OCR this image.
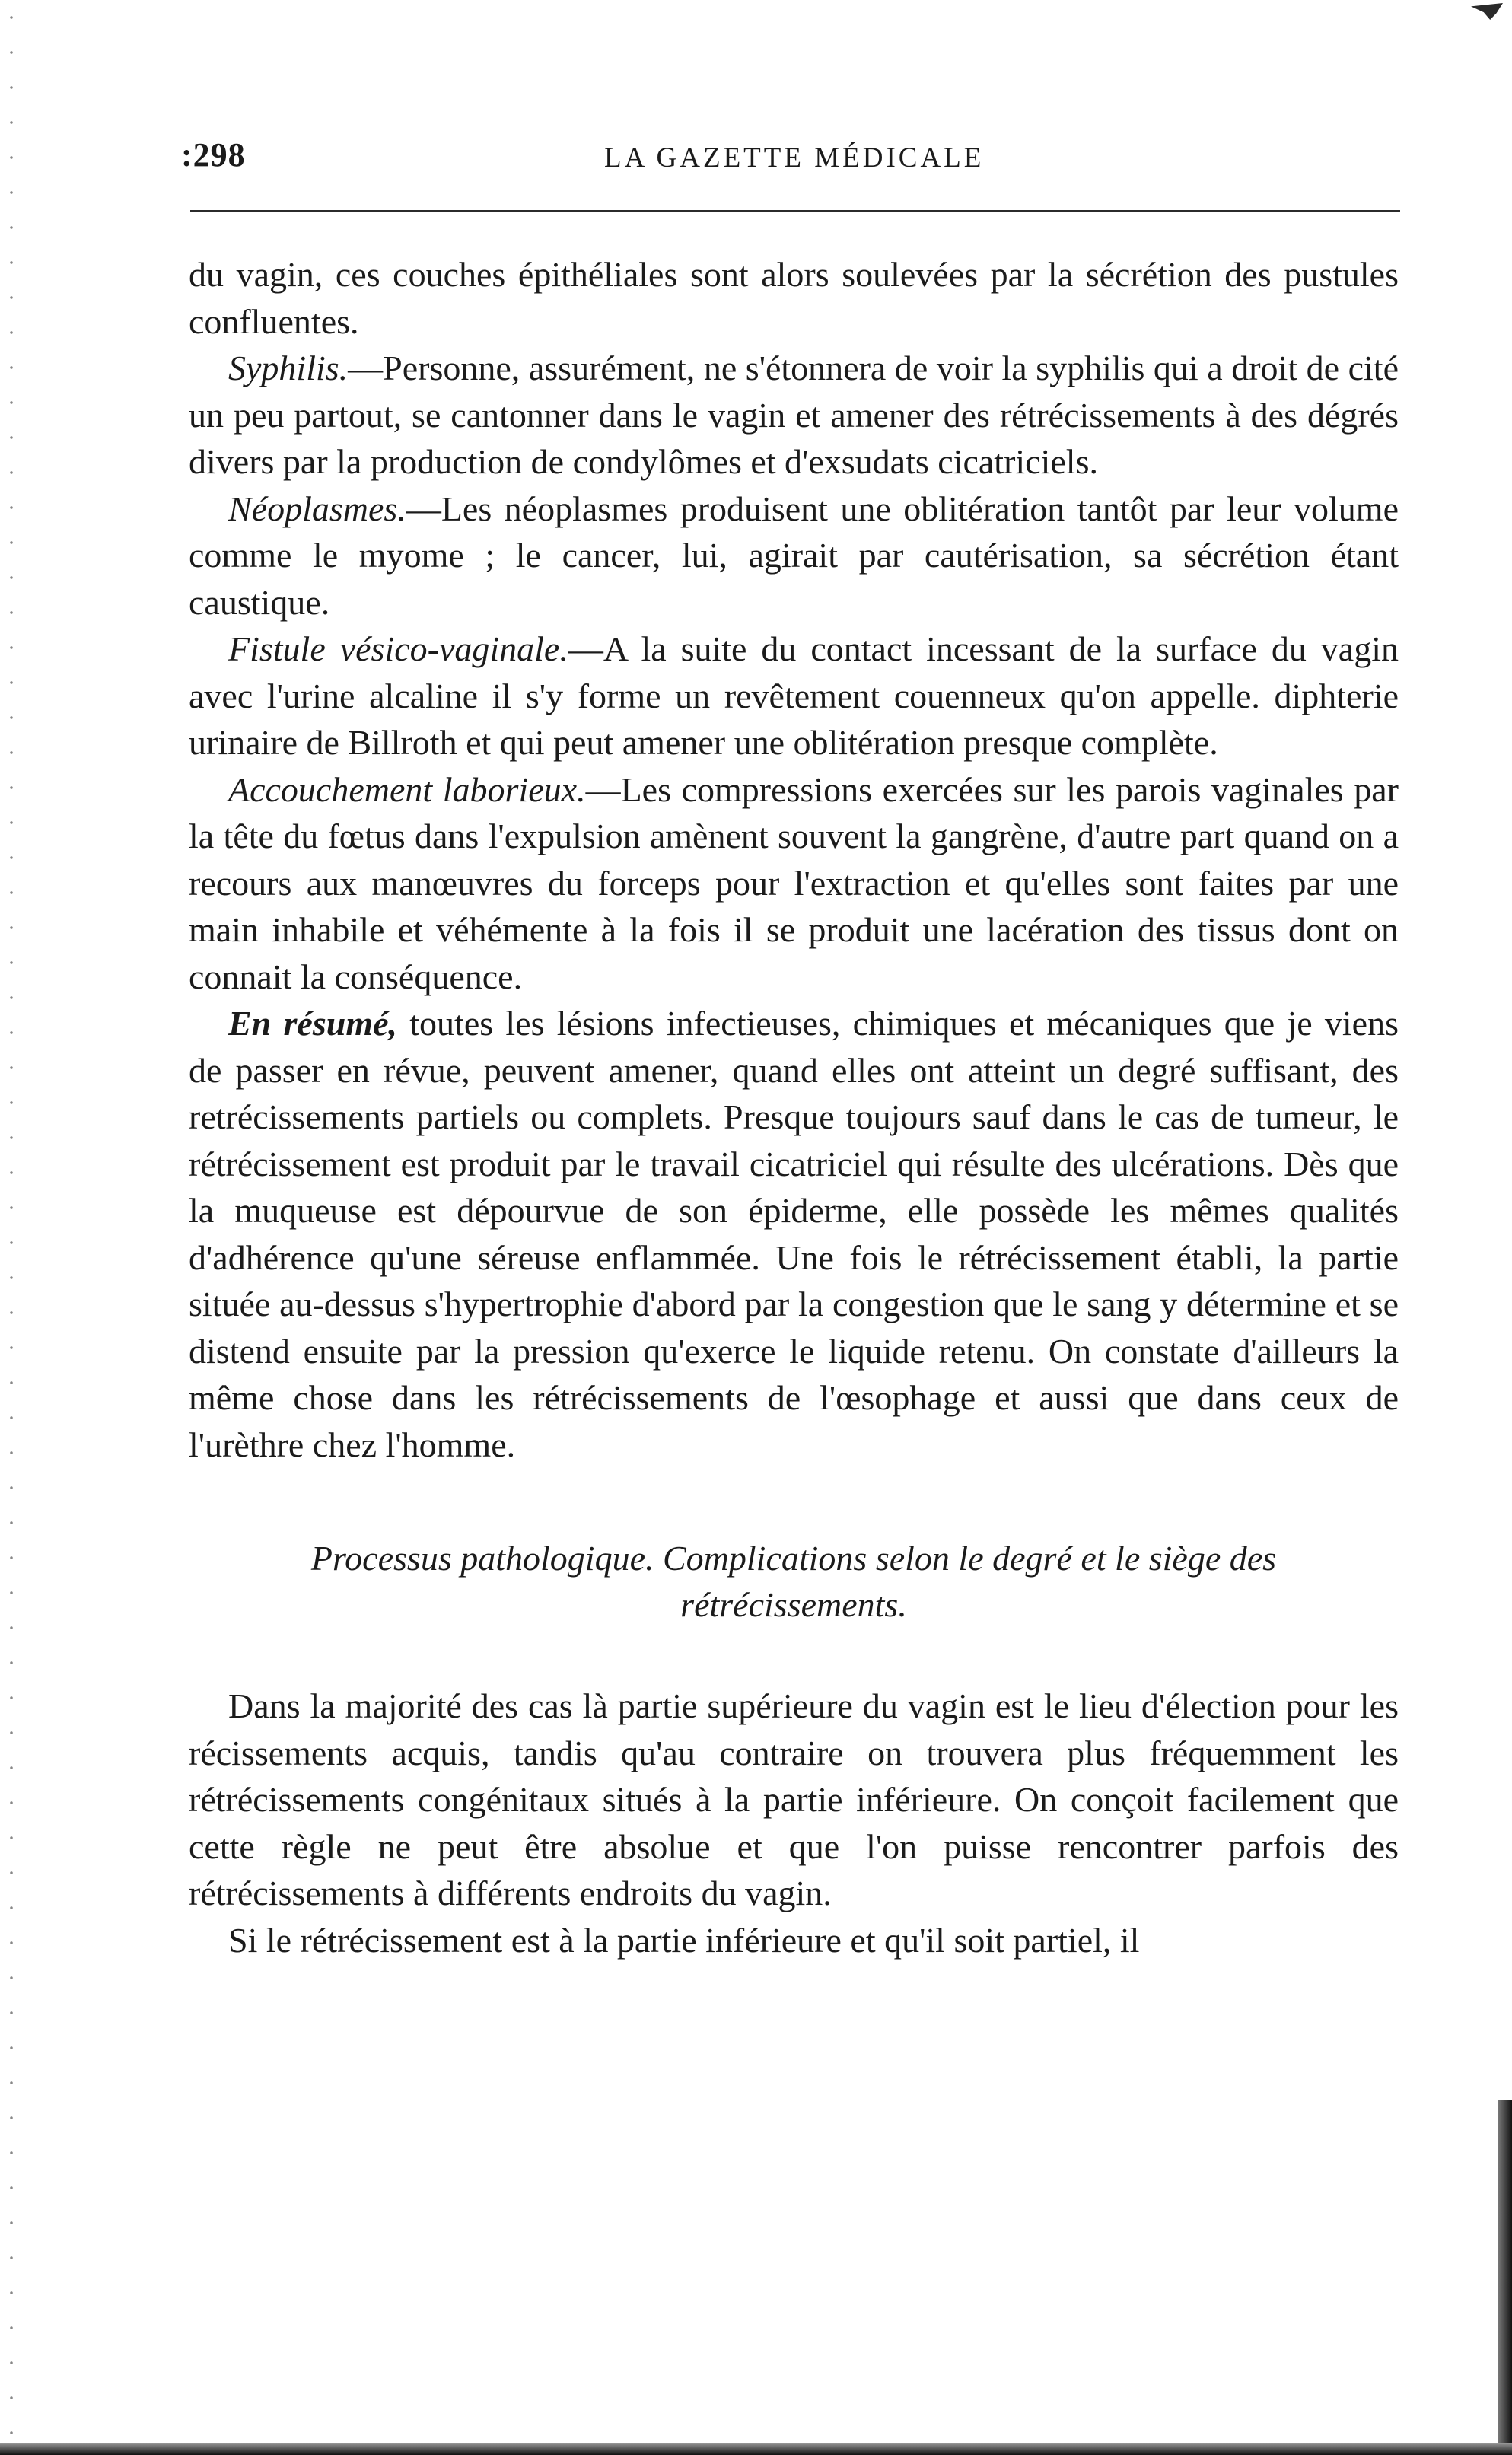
:298	LA GAZETTE MÉDICALE

du vagin, ces couches épithéliales sont alors soulevées par la sécrétion des pustules confluentes.

Syphilis.—Personne, assurément, ne s'étonnera de voir la syphilis qui a droit de cité un peu partout, se cantonner dans le vagin et amener des rétrécissements à des dégrés divers par la production de condylômes et d'exsudats cicatriciels.

Néoplasmes.—Les néoplasmes produisent une oblitération tantôt par leur volume comme le myome ; le cancer, lui, agirait par cautérisation, sa sécrétion étant caustique.

Fistule vésico-vaginale.—A la suite du contact incessant de la surface du vagin avec l'urine alcaline il s'y forme un revêtement couenneux qu'on appelle. diphterie urinaire de Billroth et qui peut amener une oblitération presque complète.

Accouchement laborieux.—Les compressions exercées sur les parois vaginales par la tête du fœtus dans l'expulsion amènent souvent la gangrène, d'autre part quand on a recours aux manœuvres du forceps pour l'extraction et qu'elles sont faites par une main inhabile et véhémente à la fois il se produit une lacération des tissus dont on connait la conséquence.

En résumé, toutes les lésions infectieuses, chimiques et mécaniques que je viens de passer en révue, peuvent amener, quand elles ont atteint un degré suffisant, des retrécissements partiels ou complets. Presque toujours sauf dans le cas de tumeur, le rétrécissement est produit par le travail cicatriciel qui résulte des ulcérations. Dès que la muqueuse est dépourvue de son épiderme, elle possède les mêmes qualités d'adhérence qu'une séreuse enflammée. Une fois le rétrécissement établi, la partie située au-dessus s'hypertrophie d'abord par la congestion que le sang y détermine et se distend ensuite par la pression qu'exerce le liquide retenu. On constate d'ailleurs la même chose dans les rétrécissements de l'œsophage et aussi que dans ceux de l'urèthre chez l'homme.

Processus pathologique. Complications selon le degré et le siège des
rétrécissements.

Dans la majorité des cas là partie supérieure du vagin est le lieu d'élection pour les récissements acquis, tandis qu'au contraire on trouvera plus fréquemment les rétrécissements congénitaux situés à la partie inférieure. On conçoit facilement que cette règle ne peut être absolue et que l'on puisse rencontrer parfois des rétrécissements à différents endroits du vagin.

Si le rétrécissement est à la partie inférieure et qu'il soit partiel, il
